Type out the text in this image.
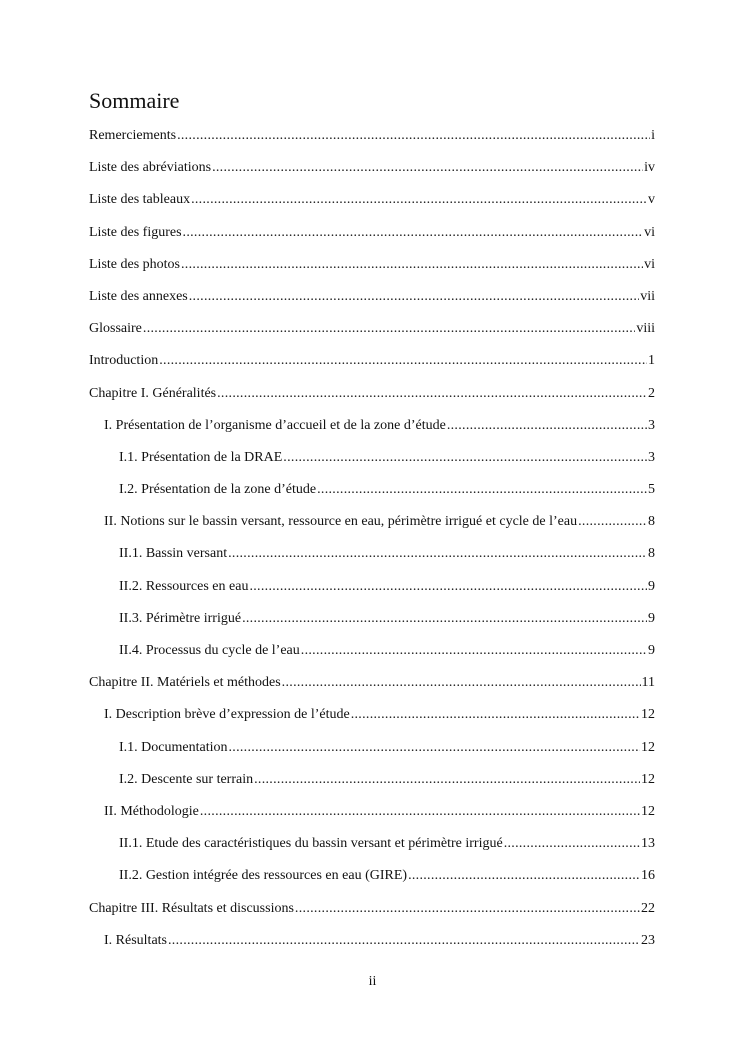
Sommaire
Remerciements .....	i
Liste des abréviations .....	iv
Liste des tableaux .....	v
Liste des figures .....	vi
Liste des photos .....	vi
Liste des annexes .....	vii
Glossaire .....	viii
Introduction .....	1
Chapitre I. Généralités .....	2
I. Présentation de l’organisme d’accueil et de la zone d’étude .....	3
I.1. Présentation de la DRAE .....	3
I.2. Présentation de la zone d’étude .....	5
II. Notions sur le bassin versant, ressource en eau, périmètre irrigué et cycle de l’eau .....	8
II.1. Bassin versant .....	8
II.2. Ressources en eau .....	9
II.3. Périmètre irrigué .....	9
II.4. Processus du cycle de l’eau .....	9
Chapitre II. Matériels et méthodes .....	11
I. Description brève d’expression de l’étude .....	12
I.1. Documentation .....	12
I.2. Descente sur terrain .....	12
II. Méthodologie .....	12
II.1. Etude des caractéristiques du bassin versant et périmètre irrigué .....	13
II.2. Gestion intégrée des ressources en eau (GIRE) .....	16
Chapitre III. Résultats et discussions .....	22
I. Résultats .....	23
ii
